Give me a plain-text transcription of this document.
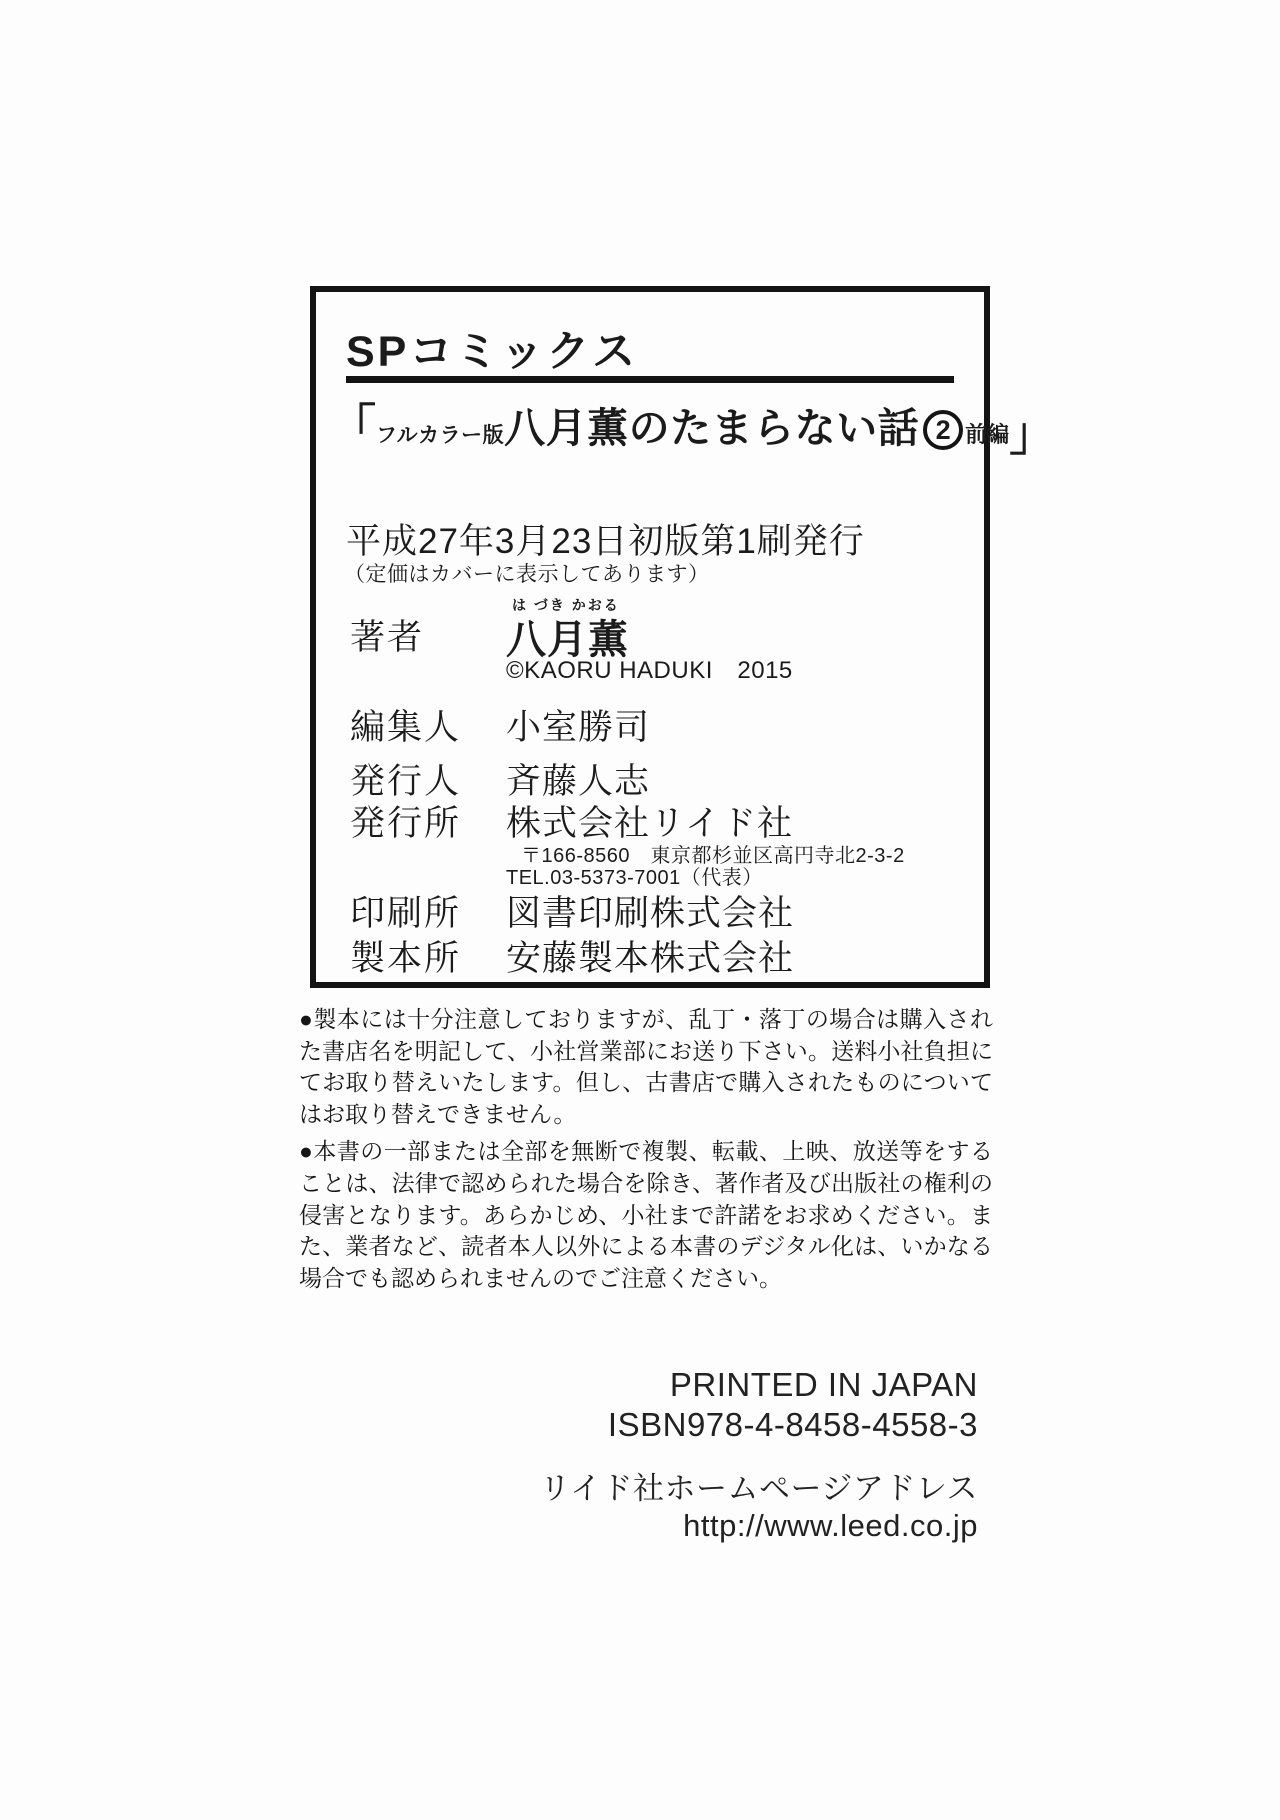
SPコミックス
「フルカラー版八月薫のたまらない話 2 前編」
平成27年3月23日初版第1刷発行
（定価はカバーに表示してあります）
著者
は づき かおる
八月薫
©KAORU HADUKI　2015
編集人 小室勝司
発行人 斉藤人志
発行所 株式会社リイド社
〒166-8560　東京都杉並区高円寺北2-3-2
TEL.03-5373-7001（代表）
印刷所 図書印刷株式会社
製本所 安藤製本株式会社

●製本には十分注意しておりますが、乱丁・落丁の場合は購入された書店名を明記して、小社営業部にお送り下さい。送料小社負担にてお取り替えいたします。但し、古書店で購入されたものについてはお取り替えできません。

●本書の一部または全部を無断で複製、転載、上映、放送等をすることは、法律で認められた場合を除き、著作者及び出版社の権利の侵害となります。あらかじめ、小社まで許諾をお求めください。また、業者など、読者本人以外による本書のデジタル化は、いかなる場合でも認められませんのでご注意ください。

PRINTED IN JAPAN
ISBN978-4-8458-4558-3
リイド社ホームページアドレス
http://www.leed.co.jp
